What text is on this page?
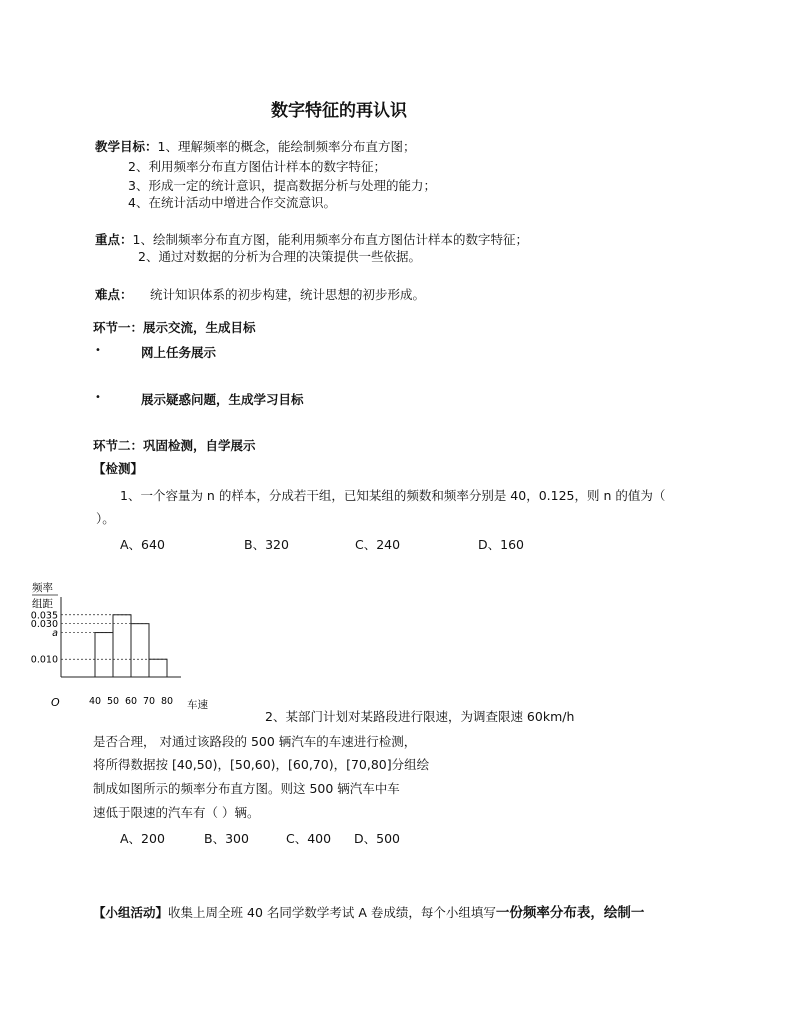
数字特征的再认识
教学目标：1、理解频率的概念，能绘制频率分布直方图；
2、利用频率分布直方图估计样本的数字特征；
3、形成一定的统计意识，提高数据分析与处理的能力；
4、在统计活动中增进合作交流意识。
重点：1、绘制频率分布直方图，能利用频率分布直方图估计样本的数字特征；
2、通过对数据的分析为合理的决策提供一些依据。
难点： 统计知识体系的初步构建，统计思想的初步形成。
环节一：展示交流，生成目标
•	网上任务展示
•	展示疑惑问题，生成学习目标
环节二：巩固检测，自学展示
【检测】
1、一个容量为 n 的样本，分成若干组，已知某组的频数和频率分别是 40，0.125，则 n 的值为（
）。
A、640	B、320	C、240	D、160
频率
组距
O	车速
0.035
0.030
a
0.010
40 50 60 70 80
2、某部门计划对某路段进行限速，为调查限速 60km/h
是否合理， 对通过该路段的 500 辆汽车的车速进行检测，
将所得数据按 [40,50)，[50,60)，[60,70)，[70,80]分组绘
制成如图所示的频率分布直方图。则这 500 辆汽车中车
速低于限速的汽车有（ ）辆。
A、200	B、300	C、400 D、500
【小组活动】收集上周全班 40 名同学数学考试 A 卷成绩，每个小组填写一份频率分布表，绘制一
